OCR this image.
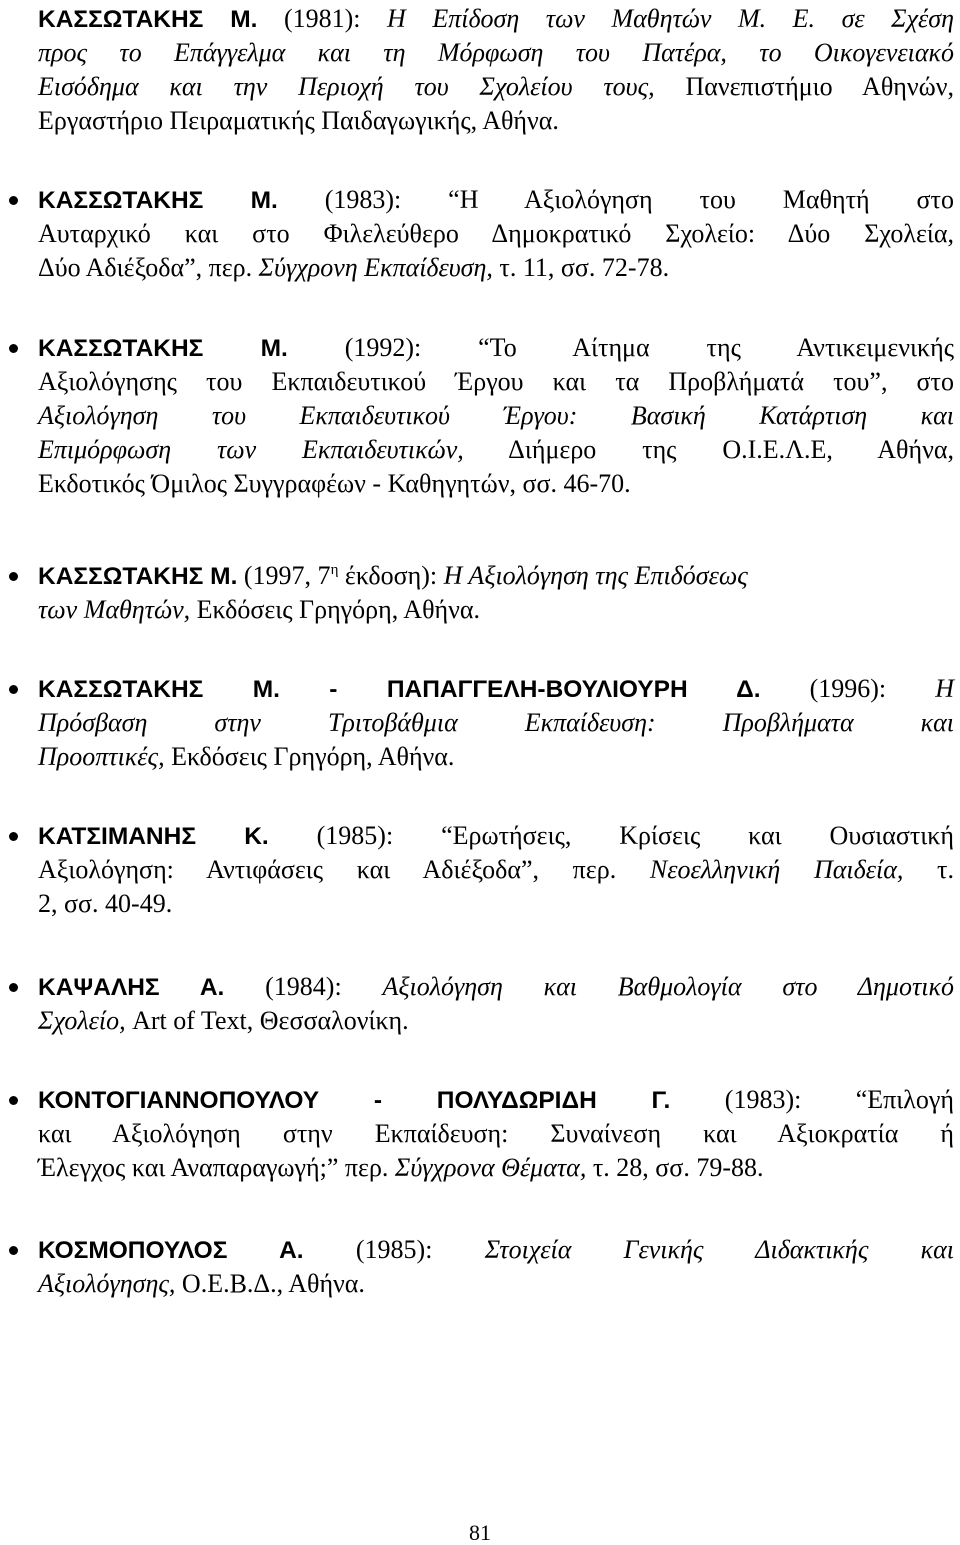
ΚΑΣΣΩΤΑΚΗΣ Μ. (1981): Η Επίδοση των Μαθητών Μ. Ε. σε Σχέση
προς το Επάγγελμα και τη Μόρφωση του Πατέρα, το Οικογενειακό
Εισόδημα και την Περιοχή του Σχολείου τους, Πανεπιστήμιο Αθηνών,
Εργαστήριο Πειραματικής Παιδαγωγικής, Αθήνα.
ΚΑΣΣΩΤΑΚΗΣ Μ. (1983): “Η Αξιολόγηση του Μαθητή στο
Αυταρχικό και στο Φιλελεύθερο Δημοκρατικό Σχολείο: Δύο Σχολεία,
Δύο Αδιέξοδα”, περ. Σύγχρονη Εκπαίδευση, τ. 11, σσ. 72-78.
ΚΑΣΣΩΤΑΚΗΣ Μ. (1992): “Το Αίτημα της Αντικειμενικής
Αξιολόγησης του Εκπαιδευτικού Έργου και τα Προβλήματά του”, στο
Αξιολόγηση του Εκπαιδευτικού Έργου: Βασική Κατάρτιση και
Επιμόρφωση των Εκπαιδευτικών, Διήμερο της Ο.Ι.Ε.Λ.Ε, Αθήνα,
Εκδοτικός Όμιλος Συγγραφέων - Καθηγητών, σσ. 46-70.
ΚΑΣΣΩΤΑΚΗΣ Μ. (1997, $7^\eta$ έκδοση): Η Αξιολόγηση της Επιδόσεως
των Μαθητών, Εκδόσεις Γρηγόρη, Αθήνα.
ΚΑΣΣΩΤΑΚΗΣ Μ. - ΠΑΠΑΓΓΕΛΗ-ΒΟΥΛΙΟΥΡΗ Δ. (1996): Η
Πρόσβαση στην Τριτοβάθμια Εκπαίδευση: Προβλήματα και
Προοπτικές, Εκδόσεις Γρηγόρη, Αθήνα.
ΚΑΤΣΙΜΑΝΗΣ Κ. (1985): “Ερωτήσεις, Κρίσεις και Ουσιαστική
Αξιολόγηση: Αντιφάσεις και Αδιέξοδα”, περ. Νεοελληνική Παιδεία, τ.
2, σσ. 40-49.
ΚΑΨΑΛΗΣ Α. (1984): Αξιολόγηση και Βαθμολογία στο Δημοτικό
Σχολείο, Art of Text, Θεσσαλονίκη.
ΚΟΝΤΟΓΙΑΝΝΟΠΟΥΛΟΥ - ΠΟΛΥΔΩΡΙΔΗ Γ. (1983): “Επιλογή
και Αξιολόγηση στην Εκπαίδευση: Συναίνεση και Αξιοκρατία ή
Έλεγχος και Αναπαραγωγή;” περ. Σύγχρονα Θέματα, τ. 28, σσ. 79-88.
ΚΟΣΜΟΠΟΥΛΟΣ Α. (1985): Στοιχεία Γενικής Διδακτικής και
Αξιολόγησης, Ο.Ε.Β.Δ., Αθήνα.
81
